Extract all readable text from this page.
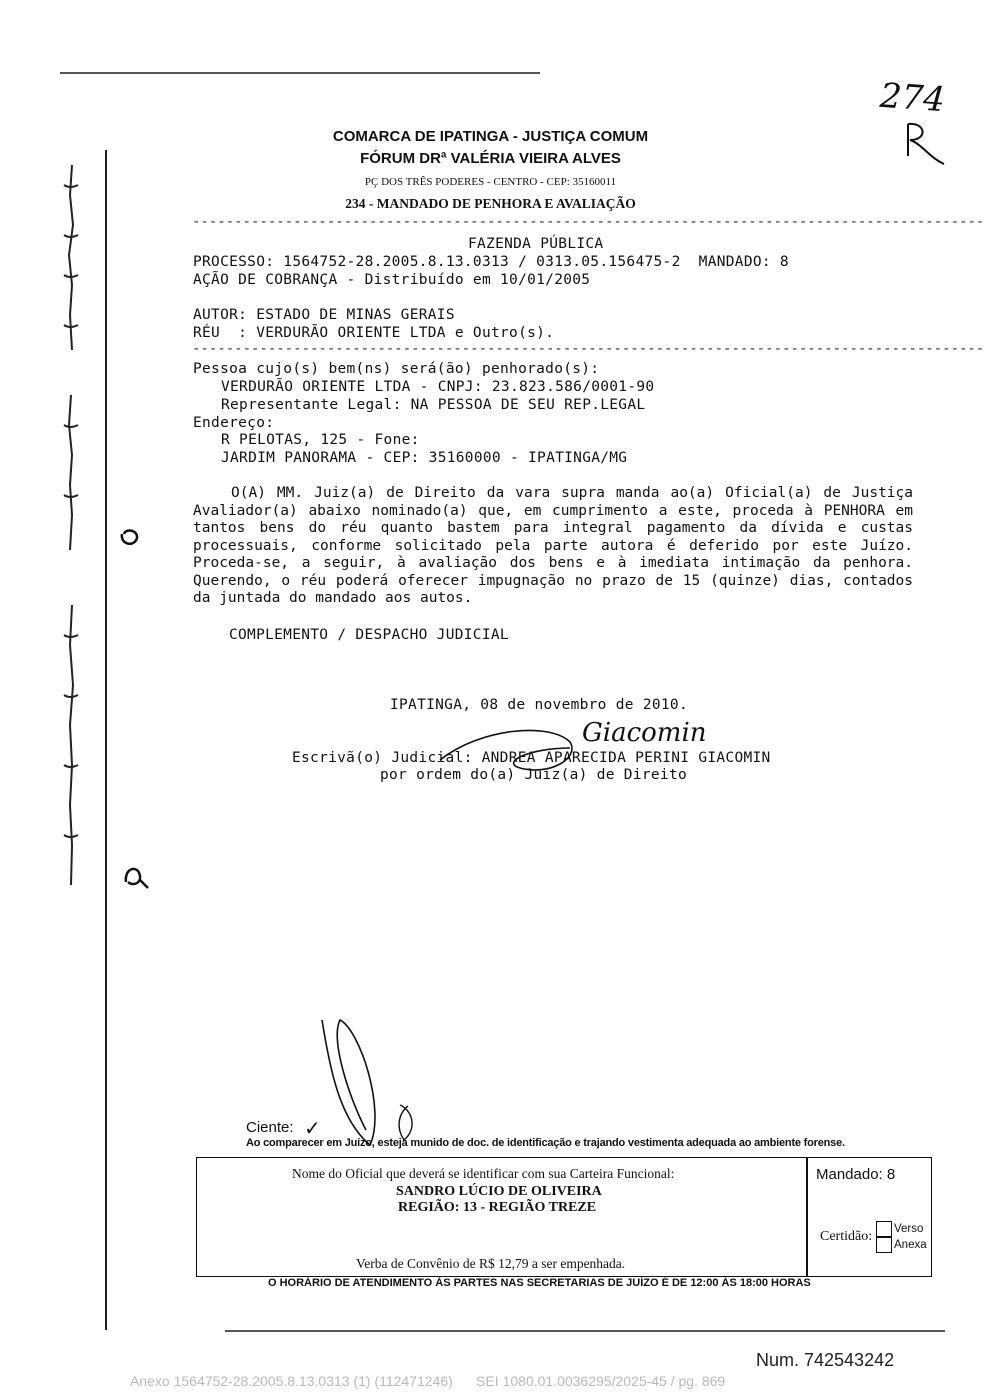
274
COMARCA DE IPATINGA - JUSTIÇA COMUM
FÓRUM DRª VALÉRIA VIEIRA ALVES
PÇ DOS TRÊS PODERES - CENTRO - CEP: 35160011
234 - MANDADO DE PENHORA E AVALIAÇÃO
----------------------------------------------------------------------------------------------
FAZENDA PÚBLICA
PROCESSO: 1564752-28.2005.8.13.0313 / 0313.05.156475-2  MANDADO: 8
AÇÃO DE COBRANÇA - Distribuído em 10/01/2005
AUTOR: ESTADO DE MINAS GERAIS
RÉU  : VERDURÃO ORIENTE LTDA e Outro(s).
----------------------------------------------------------------------------------------------
Pessoa cujo(s) bem(ns) será(ão) penhorado(s):
VERDURÃO ORIENTE LTDA - CNPJ: 23.823.586/0001-90
Representante Legal: NA PESSOA DE SEU REP.LEGAL
Endereço:
R PELOTAS, 125 - Fone:
JARDIM PANORAMA - CEP: 35160000 - IPATINGA/MG
O(A) MM. Juiz(a) de Direito da vara supra manda ao(a) Oficial(a) de Justiça Avaliador(a) abaixo nominado(a) que, em cumprimento a este, proceda à PENHORA em tantos bens do réu quanto bastem para integral pagamento da dívida e custas processuais, conforme solicitado pela parte autora é deferido por este Juízo. Proceda-se, a seguir, à avaliação dos bens e à imediata intimação da penhora. Querendo, o réu poderá oferecer impugnação no prazo de 15 (quinze) dias, contados da juntada do mandado aos autos.
COMPLEMENTO / DESPACHO JUDICIAL
IPATINGA, 08 de novembro de 2010.
Escrivã(o) Judicial: ANDREA APARECIDA PERINI GIACOMIN
por ordem do(a) Juiz(a) de Direito
Giacomin
Ciente: ✓
Ao comparecer em Juízo, esteja munido de doc. de identificação e trajando vestimenta adequada ao ambiente forense.
Nome do Oficial que deverá se identificar com sua Carteira Funcional:
SANDRO LÚCIO DE OLIVEIRA
REGIÃO: 13 - REGIÃO TREZE
Verba de Convênio de R$ 12,79 a ser empenhada.
Mandado: 8
Certidão:	Verso
Anexa
O HORÁRIO DE ATENDIMENTO ÀS PARTES NAS SECRETARIAS DE JUÍZO É DE 12:00 ÀS 18:00 HORAS
Num. 742543242
Anexo 1564752-28.2005.8.13.0313 (1) (112471246)      SEI 1080.01.0036295/2025-45 / pg. 869
